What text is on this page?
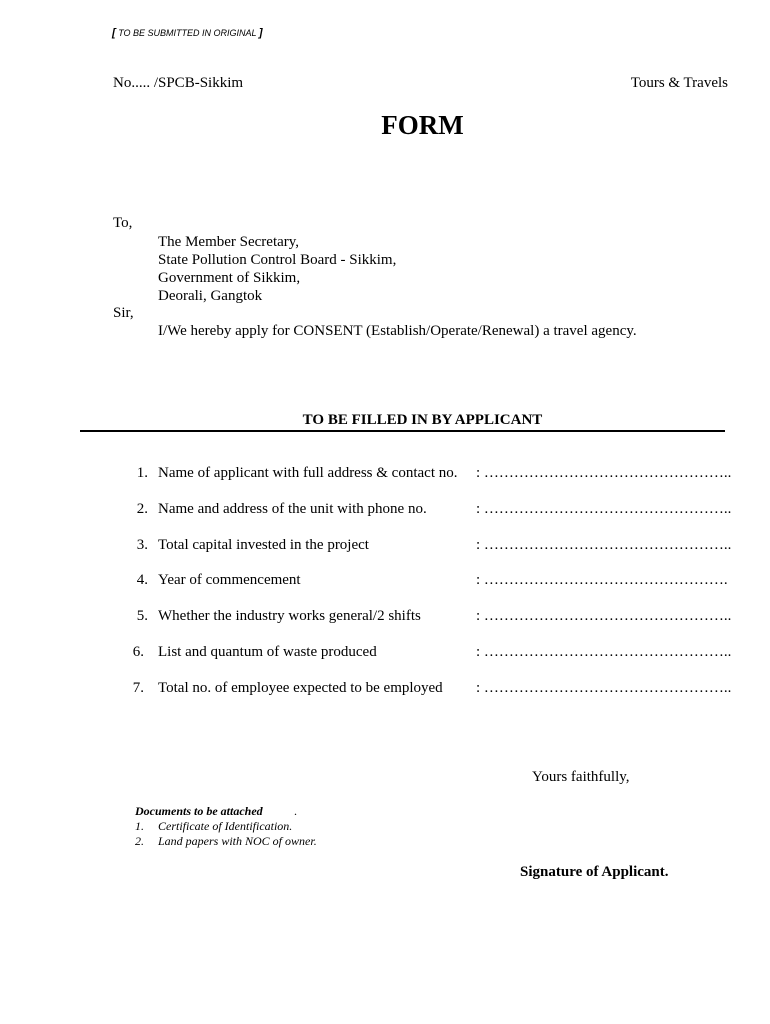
[ TO BE SUBMITTED IN ORIGINAL ]
No..... /SPCB-Sikkim	Tours & Travels
FORM
To,
The Member Secretary,
State Pollution Control Board - Sikkim,
Government of Sikkim,
Deorali, Gangtok
Sir,
I/We hereby apply for CONSENT (Establish/Operate/Renewal) a travel agency.
TO BE FILLED IN BY APPLICANT
1. Name of applicant with full address & contact no. : …………………………………………..
2. Name and address of the unit with phone no.	: …………………………………………..
3. Total capital invested in the project	: …………………………………………..
4. Year of commencement	: ………………………………………….
5. Whether the industry works general/2 shifts	: …………………………………………..
6. List and quantum of waste produced	: …………………………………………..
7. Total no. of employee expected to be employed : …………………………………………..
Yours faithfully,
Documents to be attached	.
1. Certificate of Identification.
2. Land papers with NOC of owner.
Signature of Applicant.
